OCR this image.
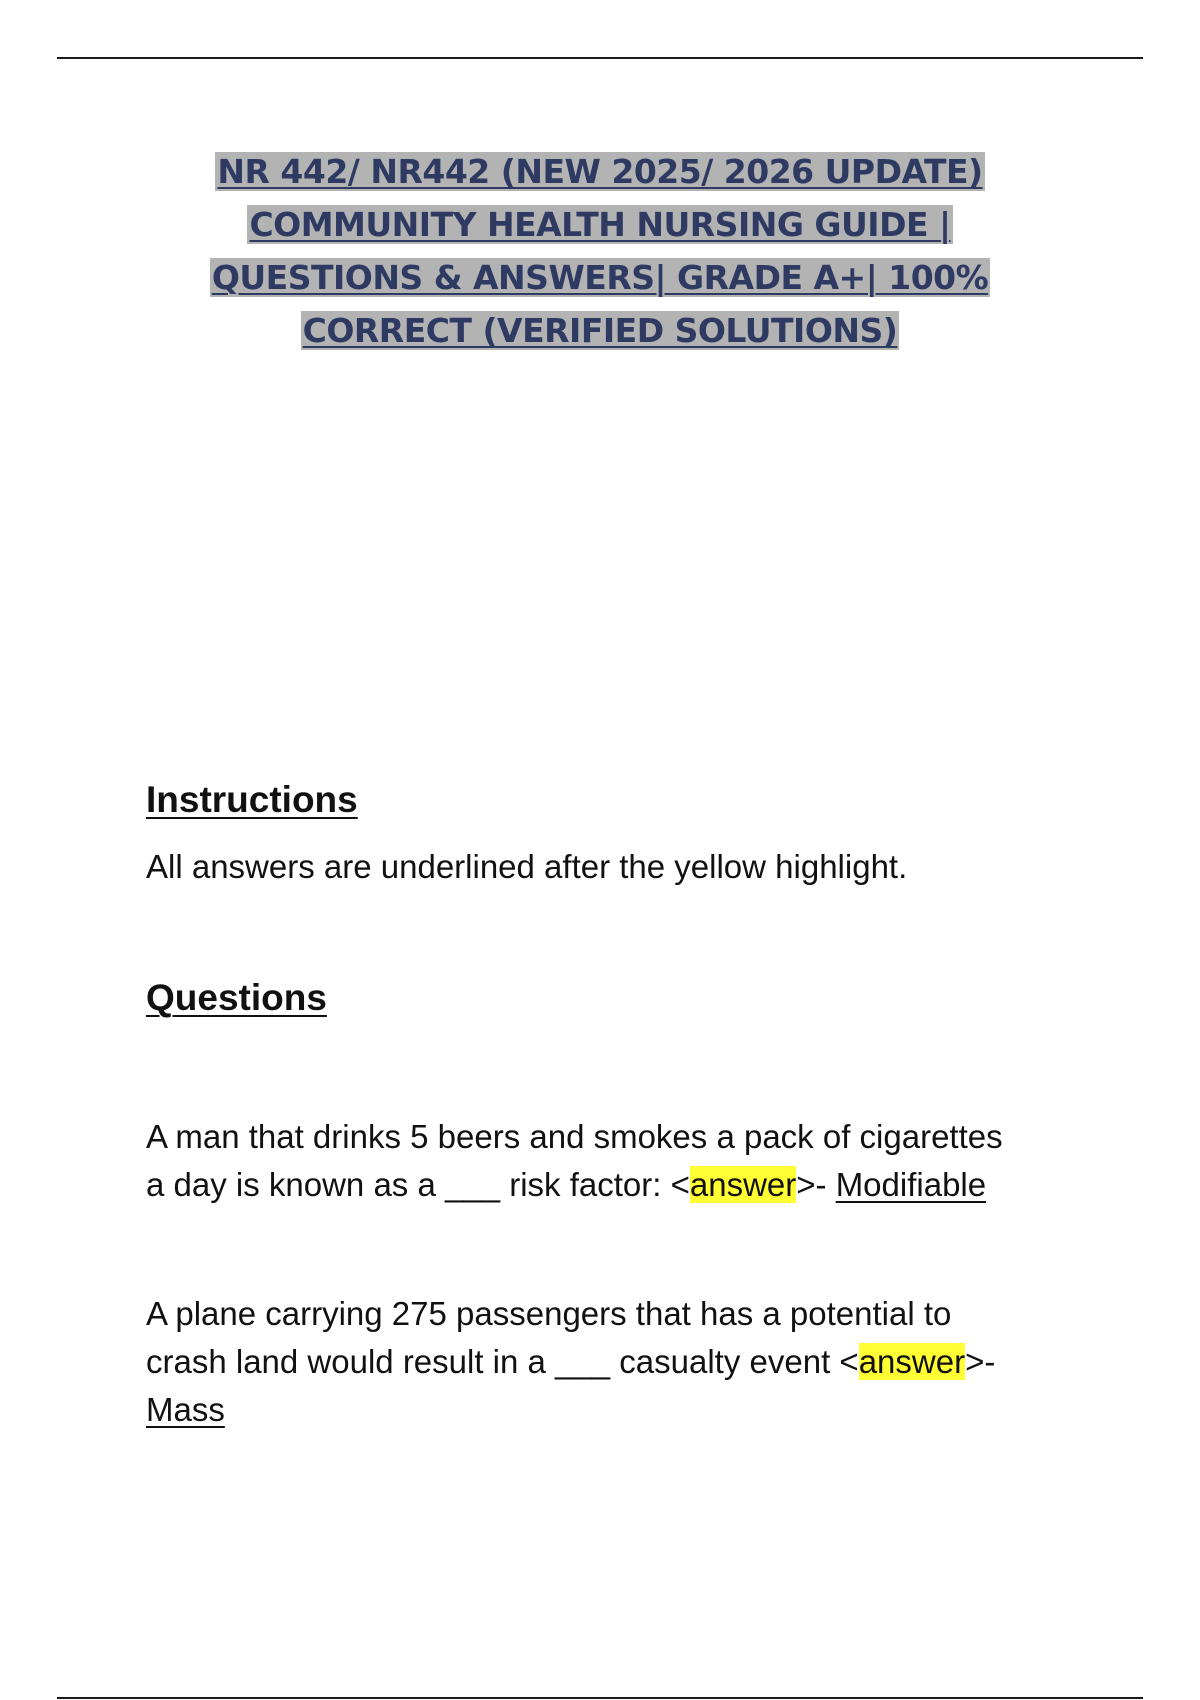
NR 442/ NR442 (NEW 2025/ 2026 UPDATE)
COMMUNITY HEALTH NURSING GUIDE |
QUESTIONS & ANSWERS| GRADE A+| 100%
CORRECT (VERIFIED SOLUTIONS)
Instructions
All answers are underlined after the yellow highlight.
Questions
A man that drinks 5 beers and smokes a pack of cigarettes
a day is known as a ___ risk factor: <answer>- Modifiable
A plane carrying 275 passengers that has a potential to
crash land would result in a ___ casualty event <answer>-
Mass
